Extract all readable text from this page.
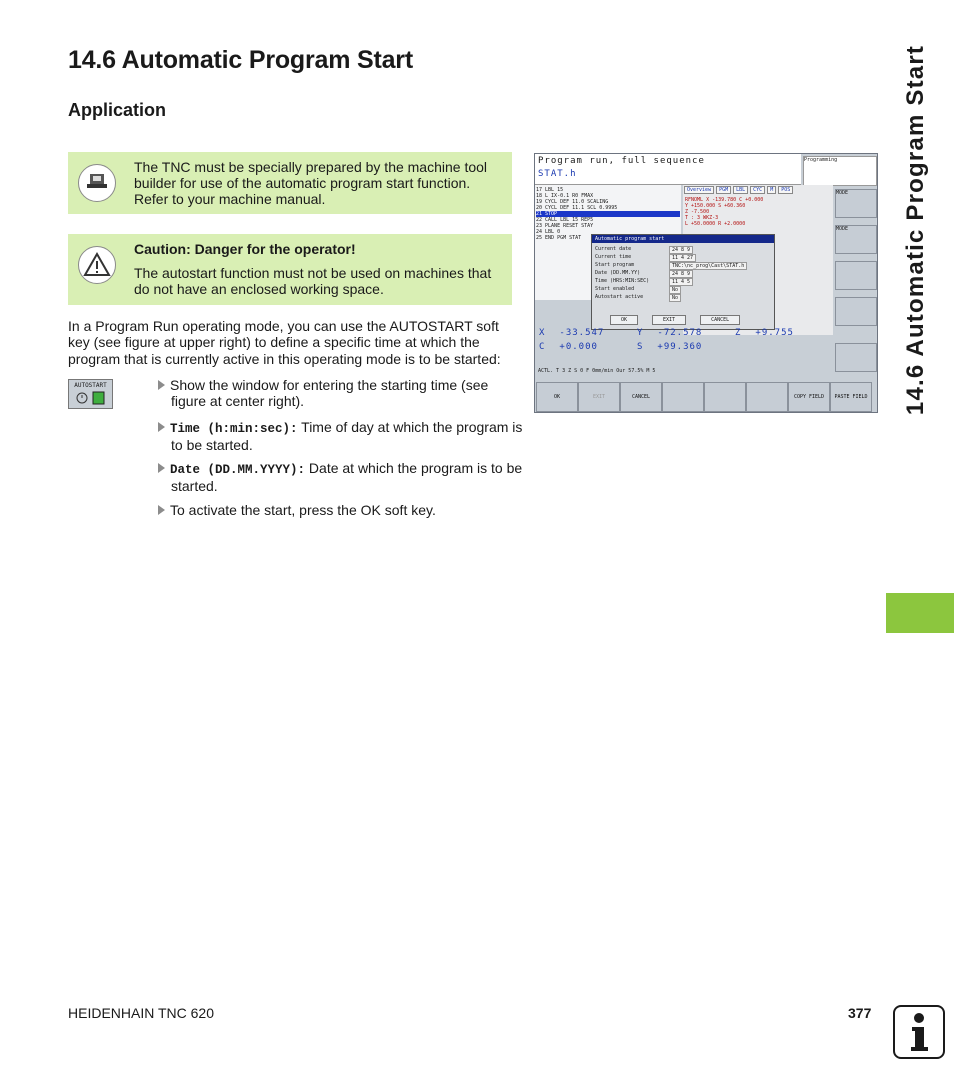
14.6 Automatic Program Start
Application
The TNC must be specially prepared by the machine tool builder for use of the automatic program start function. Refer to your machine manual.
Caution: Danger for the operator!
The autostart function must not be used on machines that do not have an enclosed working space.
In a Program Run operating mode, you can use the AUTOSTART soft key (see figure at upper right) to define a specific time at which the program that is currently active in this operating mode is to be started:
AUTOSTART	Show the window for entering the starting time (see figure at center right).
Time (h:min:sec): Time of day at which the program is to be started.
Date (DD.MM.YYYY): Date at which the program is to be started.
To activate the start, press the OK soft key.
Program run, full sequence
STAT.h
Programming
17 LBL 15
18 L IX-0.1 R0 FMAX
19 CYCL DEF 11.0 SCALING
20 CYCL DEF 11.1 SCL 0.9995
21 STOP
22 CALL LBL 15 REP5
23 PLANE RESET STAY
24 LBL 0
25 END PGM STAT
Overview	PGM	LBL	CYC	M	POS
RFNOML X -139.780 C +0.000
Y +150.000 S +60.360
Z -7.500
T : 3 WKZ-3
L +50.0000 R +2.0000
MODE
MODE
Automatic program start
Current date	24 8 9
Current time	11 4 27
Start program	TNC:\nc_prog\Cast\STAT.h
Date (DD.MM.YY)	24 8 9
Time (HRS:MIN:SEC)	11 4 5
Start enabled	No
Autostart active	No
OK	EXIT	CANCEL
X -33.547	Y -72.578	Z +9.755
C +0.000	S +99.360
ACTL. T 3 Z S 0 F 0mm/min Our 57.5% M 5
OK	EXIT	CANCEL	COPY FIELD	PASTE FIELD 14.6 Automatic Program Start
HEIDENHAIN TNC 620	377
